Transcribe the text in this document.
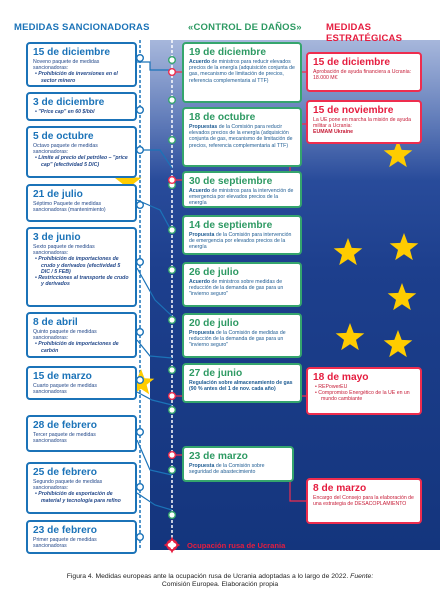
MEDIDAS SANCIONADORAS	«CONTROL DE DAÑOS»	MEDIDAS ESTRATÉGICAS
15 de diciembre
Noveno paquete de medidas sancionadoras:
• Prohibición de inversiones en el sector minero
3 de diciembre
• "Price cap" en 60 $/bbl
5 de octubre
Octavo paquete de medidas sancionadoras:
• Límite al precio del petróleo – "price cap" (efectividad 5 DIC)
21 de julio
Séptimo Paquete de medidas sancionadoras (mantenimiento)
3 de junio
Sexto paquete de medidas sancionadoras:
• Prohibición de importaciones de crudo y derivados (efectividad 5 DIC / 5 FEB)
• Restricciones al transporte de crudo y derivados
8 de abril
Quinto paquete de medidas sancionadoras:
• Prohibición de importaciones de carbón
15 de marzo
Cuarto paquete de medidas sancionadoras
28 de febrero
Tercer paquete de medidas sancionadoras
25 de febrero
Segundo paquete de medidas sancionadoras:
• Prohibición de exportación de material y tecnología para refino
23 de febrero
Primer paquete de medidas sancionadoras
19 de diciembre
Acuerdo de ministros para reducir elevados precios de la energía (adquisición conjunta de gas, mecanismo de limitación de precios, referencia complementaria al TTF)
18 de octubre
Propuestas de la Comisión para reducir elevados precios de la energía (adquisición conjunta de gas, mecanismo de limitación de precios, referencia complementaria al TTF)
30 de septiembre
Acuerdo de ministros para la intervención de emergencia por elevados precios de la energía
14 de septiembre
Propuesta de la Comisión para intervención de emergencia por elevados precios de la energía
26 de julio
Acuerdo de ministros sobre medidas de reducción de la demanda de gas para un "invierno seguro"
20 de julio
Propuesta de la Comisión de medidas de reducción de la demanda de gas para un "invierno seguro"
27 de junio
Regulación sobre almacenamiento de gas (90 % antes del 1 de nov. cada año)
23 de marzo
Propuesta de la Comisión sobre seguridad de abastecimiento
15 de diciembre
Aprobación de ayuda financiera a Ucrania: 18.000 M€
15 de noviembre
La UE pone en marcha la misión de ayuda militar a Ucrania:
EUMAM Ukraine
18 de mayo
• REPowerEU
• Compromiso Energético de la UE en un mundo cambiante
8 de marzo
Encargo del Consejo para la elaboración de una estrategia de DESACOPLAMIENTO
Ocupación rusa de Ucrania
Figura 4. Medidas europeas ante la ocupación rusa de Ucrania adoptadas a lo largo de 2022. Fuente:
Comisión Europea. Elaboración propia
